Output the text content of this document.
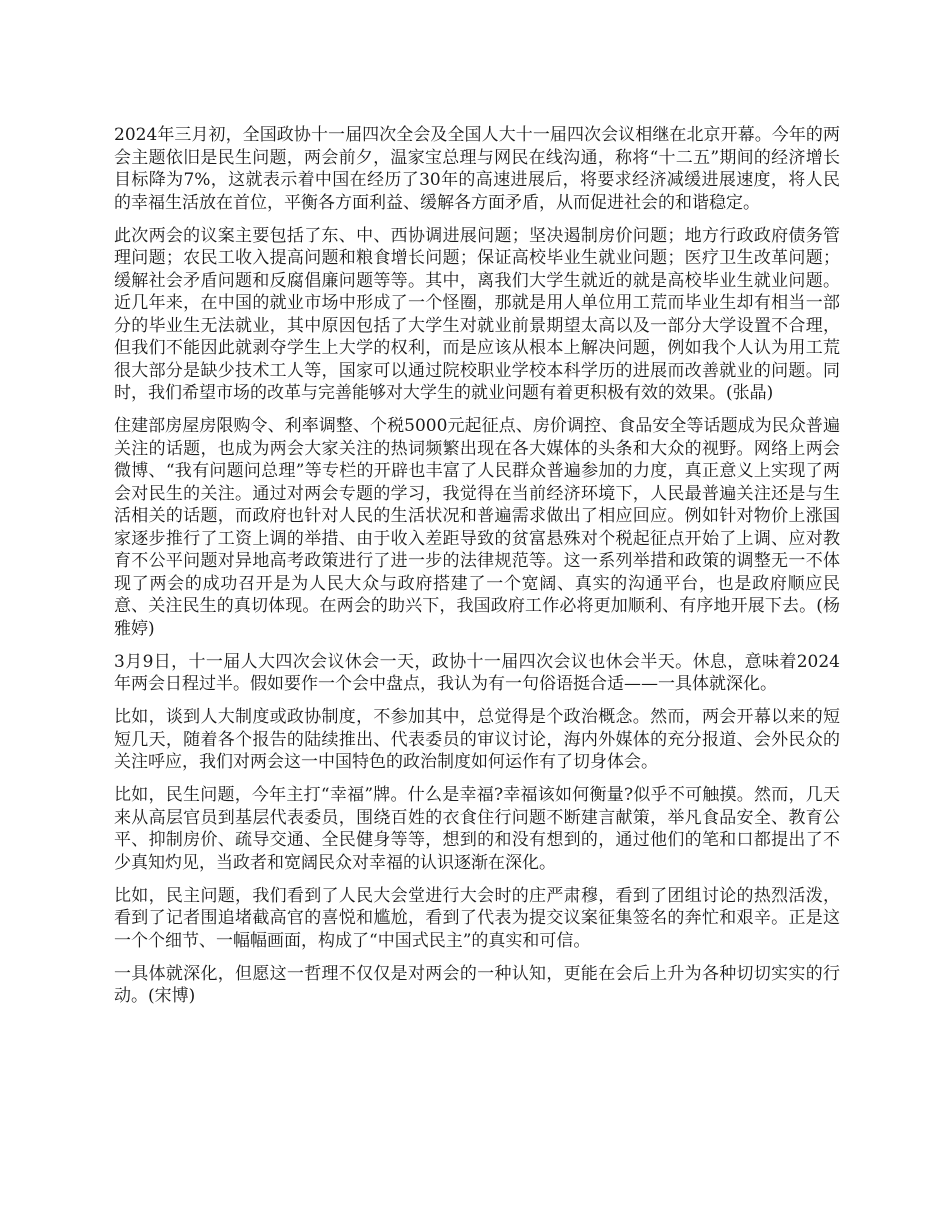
2024年三月初，全国政协十一届四次全会及全国人大十一届四次会议相继在北京开幕。今年的两会主题依旧是民生问题，两会前夕，温家宝总理与网民在线沟通，称将“十二五”期间的经济增长目标降为7%，这就表示着中国在经历了30年的高速进展后，将要求经济减缓进展速度，将人民的幸福生活放在首位，平衡各方面利益、缓解各方面矛盾，从而促进社会的和谐稳定。

此次两会的议案主要包括了东、中、西协调进展问题；坚决遏制房价问题；地方行政政府债务管理问题；农民工收入提高问题和粮食增长问题；保证高校毕业生就业问题；医疗卫生改革问题；缓解社会矛盾问题和反腐倡廉问题等等。其中，离我们大学生就近的就是高校毕业生就业问题。近几年来，在中国的就业市场中形成了一个怪圈，那就是用人单位用工荒而毕业生却有相当一部分的毕业生无法就业，其中原因包括了大学生对就业前景期望太高以及一部分大学设置不合理，但我们不能因此就剥夺学生上大学的权利，而是应该从根本上解决问题，例如我个人认为用工荒很大部分是缺少技术工人等，国家可以通过院校职业学校本科学历的进展而改善就业的问题。同时，我们希望市场的改革与完善能够对大学生的就业问题有着更积极有效的效果。(张晶)

住建部房屋房限购令、利率调整、个税5000元起征点、房价调控、食品安全等话题成为民众普遍关注的话题，也成为两会大家关注的热词频繁出现在各大媒体的头条和大众的视野。网络上两会微博、“我有问题问总理”等专栏的开辟也丰富了人民群众普遍参加的力度，真正意义上实现了两会对民生的关注。通过对两会专题的学习，我觉得在当前经济环境下，人民最普遍关注还是与生活相关的话题，而政府也针对人民的生活状况和普遍需求做出了相应回应。例如针对物价上涨国家逐步推行了工资上调的举措、由于收入差距导致的贫富悬殊对个税起征点开始了上调、应对教育不公平问题对异地高考政策进行了进一步的法律规范等。这一系列举措和政策的调整无一不体现了两会的成功召开是为人民大众与政府搭建了一个宽阔、真实的沟通平台，也是政府顺应民意、关注民生的真切体现。在两会的助兴下，我国政府工作必将更加顺利、有序地开展下去。(杨雅婷)

3月9日，十一届人大四次会议休会一天，政协十一届四次会议也休会半天。休息，意味着2024年两会日程过半。假如要作一个会中盘点，我认为有一句俗语挺合适——一具体就深化。

比如，谈到人大制度或政协制度，不参加其中，总觉得是个政治概念。然而，两会开幕以来的短短几天，随着各个报告的陆续推出、代表委员的审议讨论，海内外媒体的充分报道、会外民众的关注呼应，我们对两会这一中国特色的政治制度如何运作有了切身体会。

比如，民生问题，今年主打“幸福”牌。什么是幸福?幸福该如何衡量?似乎不可触摸。然而，几天来从高层官员到基层代表委员，围绕百姓的衣食住行问题不断建言献策，举凡食品安全、教育公平、抑制房价、疏导交通、全民健身等等，想到的和没有想到的，通过他们的笔和口都提出了不少真知灼见，当政者和宽阔民众对幸福的认识逐渐在深化。

比如，民主问题，我们看到了人民大会堂进行大会时的庄严肃穆，看到了团组讨论的热烈活泼，看到了记者围追堵截高官的喜悦和尴尬，看到了代表为提交议案征集签名的奔忙和艰辛。正是这一个个细节、一幅幅画面，构成了“中国式民主”的真实和可信。

一具体就深化，但愿这一哲理不仅仅是对两会的一种认知，更能在会后上升为各种切切实实的行动。(宋博)
